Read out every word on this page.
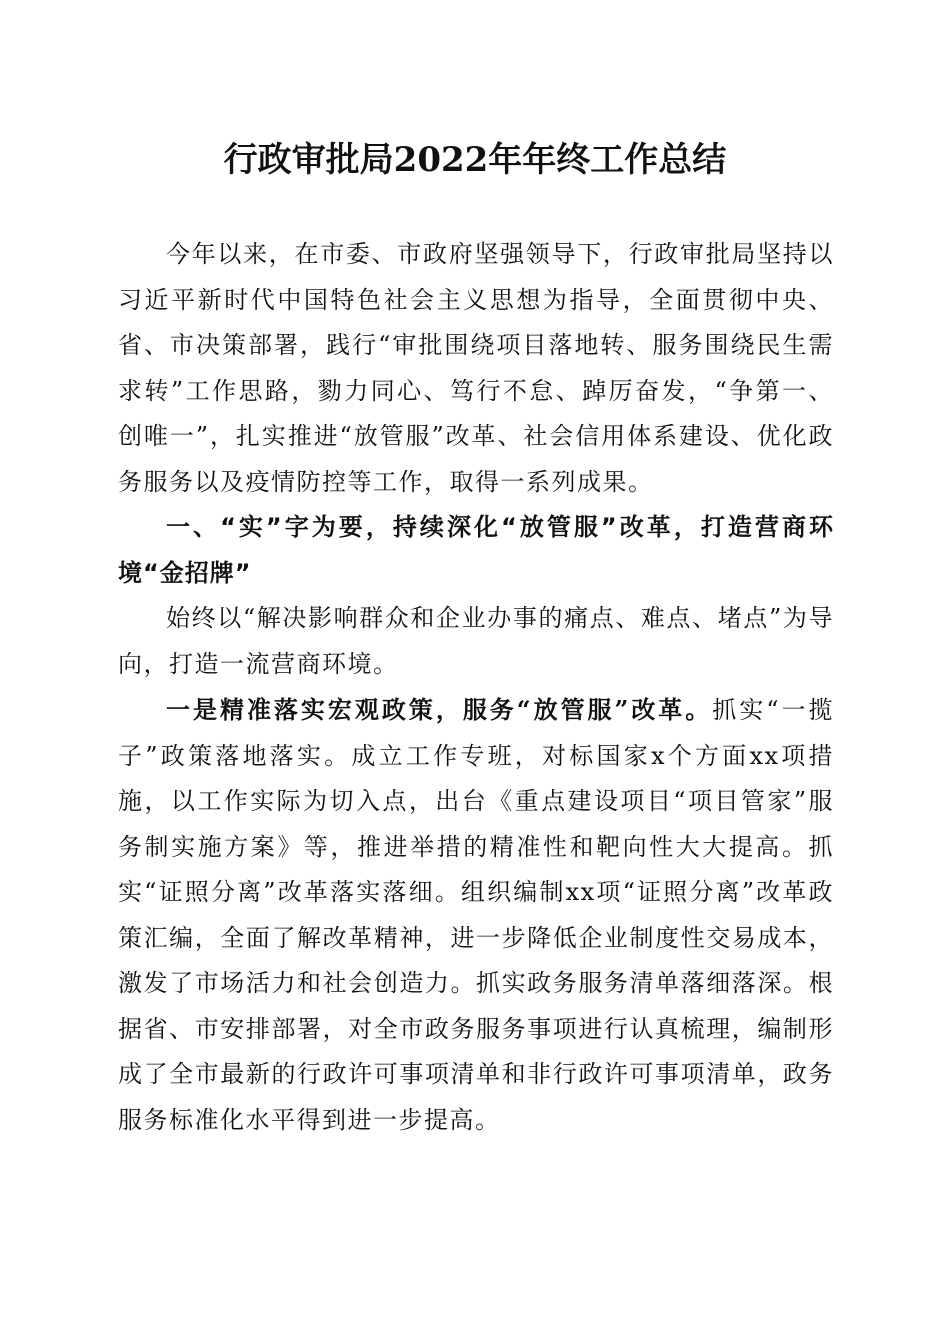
行政审批局2022年年终工作总结

今年以来，在市委、市政府坚强领导下，行政审批局坚持以习近平新时代中国特色社会主义思想为指导，全面贯彻中央、省、市决策部署，践行“审批围绕项目落地转、服务围绕民生需求转”工作思路，勠力同心、笃行不怠、踔厉奋发，“争第一、创唯一”，扎实推进“放管服”改革、社会信用体系建设、优化政务服务以及疫情防控等工作，取得一系列成果。

一、“实”字为要，持续深化“放管服”改革，打造营商环境“金招牌”

始终以“解决影响群众和企业办事的痛点、难点、堵点”为导向，打造一流营商环境。

一是精准落实宏观政策，服务“放管服”改革。抓实“一揽子”政策落地落实。成立工作专班，对标国家x个方面xx项措施，以工作实际为切入点，出台《重点建设项目“项目管家”服务制实施方案》等，推进举措的精准性和靶向性大大提高。抓实“证照分离”改革落实落细。组织编制xx项“证照分离”改革政策汇编，全面了解改革精神，进一步降低企业制度性交易成本，激发了市场活力和社会创造力。抓实政务服务清单落细落深。根据省、市安排部署，对全市政务服务事项进行认真梳理，编制形成了全市最新的行政许可事项清单和非行政许可事项清单，政务服务标准化水平得到进一步提高。
